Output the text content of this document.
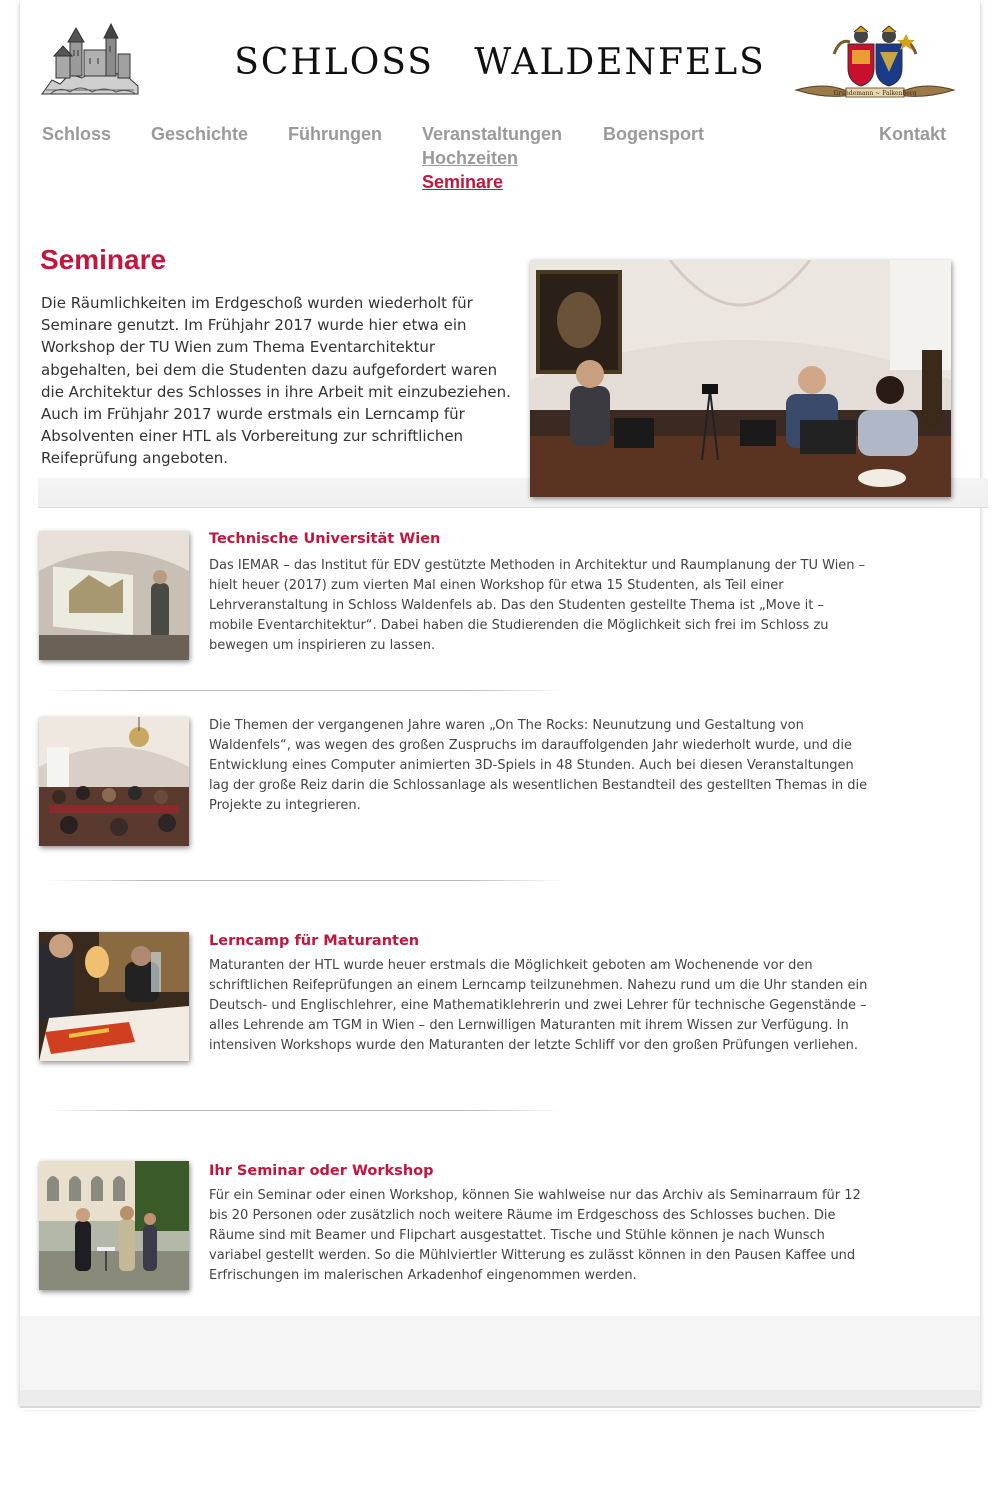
SCHLOSS   WALDENFELS
Grundemann ~ Falkenberg
Schloss Geschichte Führungen Veranstaltungen Bogensport	Kontakt
Hochzeiten
Seminare
Seminare

Die Räumlichkeiten im Erdgeschoß wurden wiederholt für Seminare genutzt. Im Frühjahr 2017 wurde hier etwa ein Workshop der TU Wien zum Thema Eventarchitektur abgehalten, bei dem die Studenten dazu aufgefordert waren die Architektur des Schlosses in ihre Arbeit mit einzubeziehen. Auch im Frühjahr 2017 wurde erstmals ein Lerncamp für Absolventen einer HTL als Vorbereitung zur schriftlichen Reifeprüfung angeboten.

Technische Universität Wien

Das IEMAR – das Institut für EDV gestützte Methoden in Architektur und Raumplanung der TU Wien – hielt heuer (2017) zum vierten Mal einen Workshop für etwa 15 Studenten, als Teil einer Lehrveranstaltung in Schloss Waldenfels ab. Das den Studenten gestellte Thema ist „Move it – mobile Eventarchitektur“. Dabei haben die Studierenden die Möglichkeit sich frei im Schloss zu bewegen um inspirieren zu lassen.

Die Themen der vergangenen Jahre waren „On The Rocks: Neunutzung und Gestaltung von Waldenfels“, was wegen des großen Zuspruchs im darauffolgenden Jahr wiederholt wurde, und die Entwicklung eines Computer animierten 3D-Spiels in 48 Stunden. Auch bei diesen Veranstaltungen lag der große Reiz darin die Schlossanlage als wesentlichen Bestandteil des gestellten Themas in die Projekte zu integrieren.

Lerncamp für Maturanten

Maturanten der HTL wurde heuer erstmals die Möglichkeit geboten am Wochenende vor den schriftlichen Reifeprüfungen an einem Lerncamp teilzunehmen. Nahezu rund um die Uhr standen ein Deutsch- und Englischlehrer, eine Mathematiklehrerin und zwei Lehrer für technische Gegenstände – alles Lehrende am TGM in Wien – den Lernwilligen Maturanten mit ihrem Wissen zur Verfügung. In intensiven Workshops wurde den Maturanten der letzte Schliff vor den großen Prüfungen verliehen.

Ihr Seminar oder Workshop

Für ein Seminar oder einen Workshop, können Sie wahlweise nur das Archiv als Seminarraum für 12 bis 20 Personen oder zusätzlich noch weitere Räume im Erdgeschoss des Schlosses buchen. Die Räume sind mit Beamer und Flipchart ausgestattet. Tische und Stühle können je nach Wunsch variabel gestellt werden. So die Mühlviertler Witterung es zulässt können in den Pausen Kaffee und Erfrischungen im malerischen Arkadenhof eingenommen werden.
